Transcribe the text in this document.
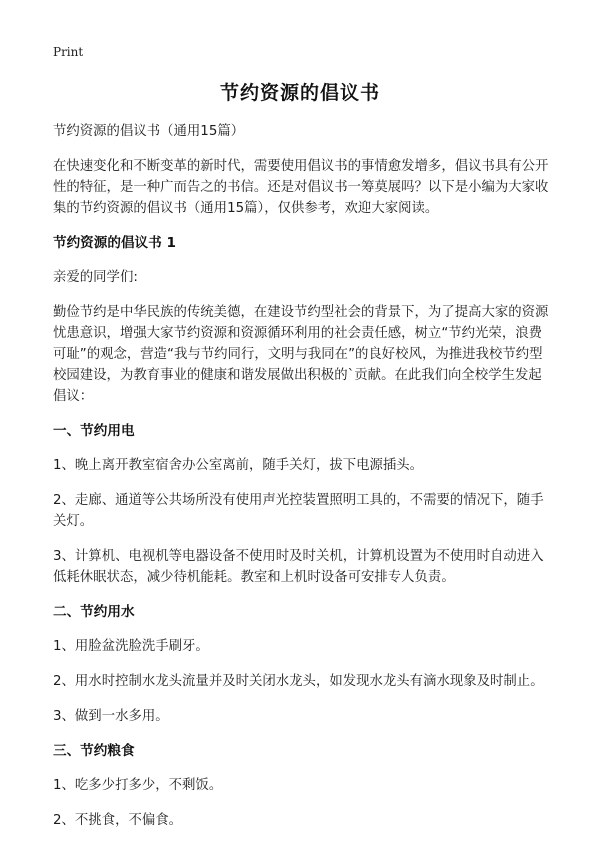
Print
节约资源的倡议书

节约资源的倡议书（通用15篇）

在快速变化和不断变革的新时代，需要使用倡议书的事情愈发增多，倡议书具有公开性的特征，是一种广而告之的书信。还是对倡议书一筹莫展吗？以下是小编为大家收集的节约资源的倡议书（通用15篇），仅供参考，欢迎大家阅读。

节约资源的倡议书 1

亲爱的同学们:

勤俭节约是中华民族的传统美德，在建设节约型社会的背景下，为了提高大家的资源忧患意识，增强大家节约资源和资源循环利用的社会责任感，树立“节约光荣，浪费可耻”的观念，营造“我与节约同行，文明与我同在”的良好校风，为推进我校节约型校园建设，为教育事业的健康和谐发展做出积极的`贡献。在此我们向全校学生发起倡议：

一、节约用电

1、晚上离开教室宿舍办公室离前，随手关灯，拔下电源插头。

2、走廊、通道等公共场所没有使用声光控装置照明工具的，不需要的情况下，随手关灯。

3、计算机、电视机等电器设备不使用时及时关机，计算机设置为不使用时自动进入低耗休眠状态，减少待机能耗。教室和上机时设备可安排专人负责。

二、节约用水

1、用脸盆洗脸洗手刷牙。

2、用水时控制水龙头流量并及时关闭水龙头，如发现水龙头有滴水现象及时制止。

3、做到一水多用。

三、节约粮食

1、吃多少打多少，不剩饭。

2、不挑食，不偏食。
